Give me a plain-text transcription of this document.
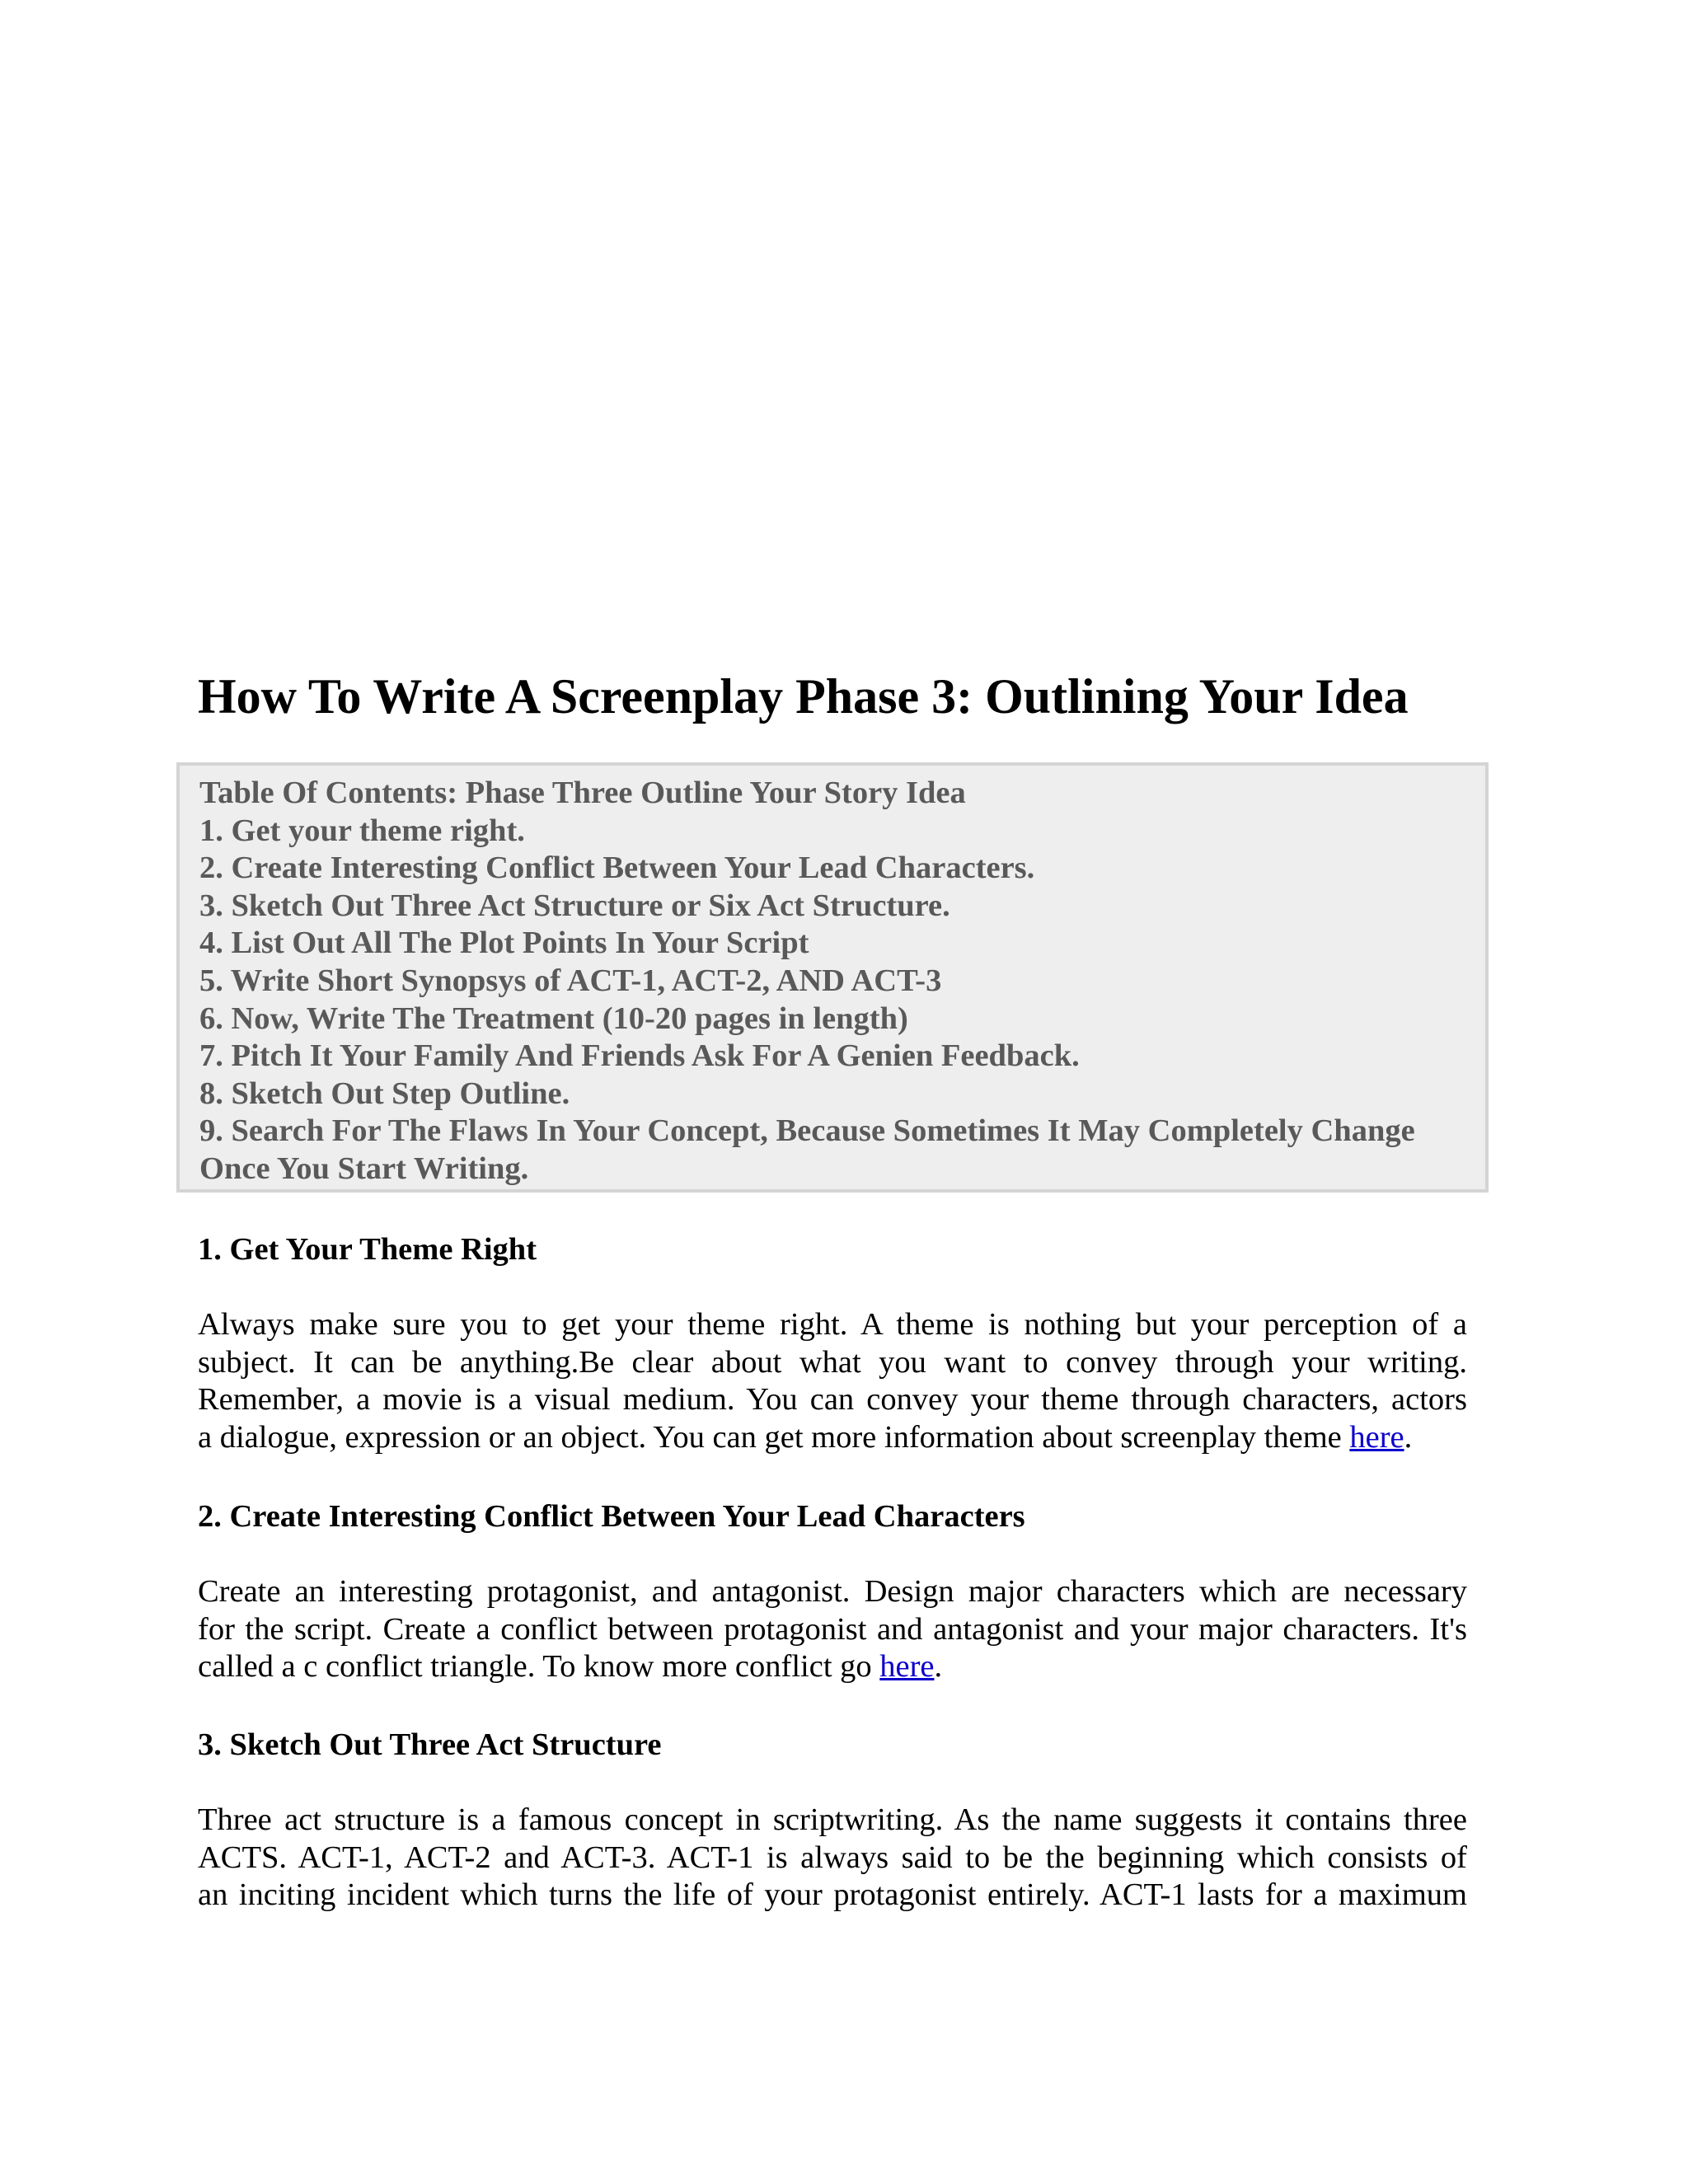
How To Write A Screenplay Phase 3: Outlining Your Idea
Table Of Contents: Phase Three Outline Your Story Idea
1. Get your theme right.
2. Create Interesting Conflict Between Your Lead Characters.
3. Sketch Out Three Act Structure or Six Act Structure.
4. List Out All The Plot Points In Your Script
5. Write Short Synopsys of ACT-1, ACT-2, AND ACT-3
6. Now, Write The Treatment (10-20 pages in length)
7. Pitch It Your Family And Friends Ask For A Genien Feedback.
8. Sketch Out Step Outline.
9. Search For The Flaws In Your Concept, Because Sometimes It May Completely Change Once You Start Writing.
1. Get Your Theme Right
Always make sure you to get your theme right. A theme is nothing but your perception of a
subject. It can be anything.Be clear about what you want to convey through your writing.
Remember, a movie is a visual medium. You can convey your theme through characters, actors
a dialogue, expression or an object. You can get more information about screenplay theme here.
2. Create Interesting Conflict Between Your Lead Characters
Create an interesting protagonist, and antagonist. Design major characters which are necessary
for the script. Create a conflict between protagonist and antagonist and your major characters. It's
called a c conflict triangle. To know more conflict go here.
3. Sketch Out Three Act Structure
Three act structure is a famous concept in scriptwriting. As the name suggests it contains three
ACTS. ACT-1, ACT-2 and ACT-3. ACT-1 is always said to be the beginning which consists of
an inciting incident which turns the life of your protagonist entirely. ACT-1 lasts for a maximum
